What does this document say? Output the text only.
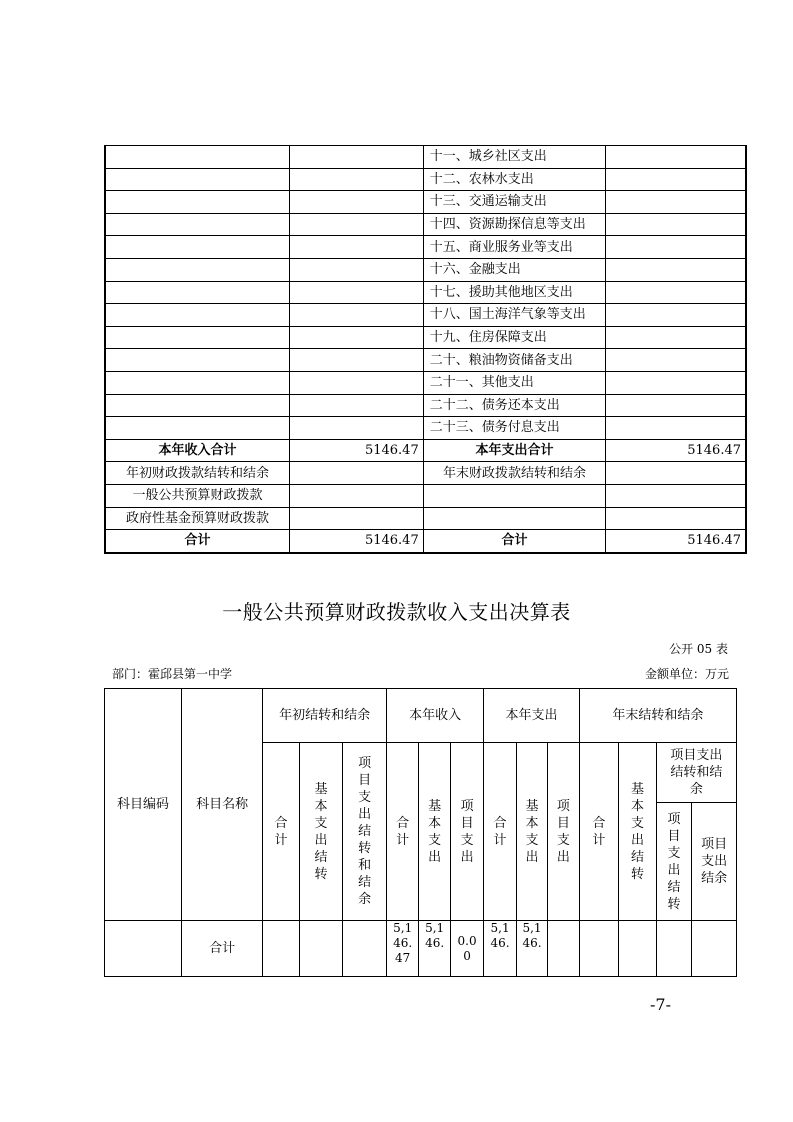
		十一、城乡社区支出	
		十二、农林水支出	
		十三、交通运输支出	
		十四、资源勘探信息等支出	
		十五、商业服务业等支出	
		十六、金融支出	
		十七、援助其他地区支出	
		十八、国土海洋气象等支出	
		十九、住房保障支出	
		二十、粮油物资储备支出	
		二十一、其他支出	
		二十二、债务还本支出	
		二十三、债务付息支出	
本年收入合计	5146.47	本年支出合计	5146.47
年初财政拨款结转和结余		年末财政拨款结转和结余	
一般公共预算财政拨款			
政府性基金预算财政拨款			
合计	5146.47	合计	5146.47
一般公共预算财政拨款收入支出决算表
公开 05 表
部门：霍邱县第一中学	金额单位：万元
科目编码	科目名称	年初结转和结余			本年收入			本年支出			年末结转和结余			
		合计	基本支出结转	项目支出结转和结余	合计	基本支出	项目支出	合计	基本支出	项目支出	合计	基本支出结转	项目支出结转和结余	
													项目支出结转	项目支出结余
	合计				5,146.47	5,146.	0.00	5,146.	5,146.					
-7-
